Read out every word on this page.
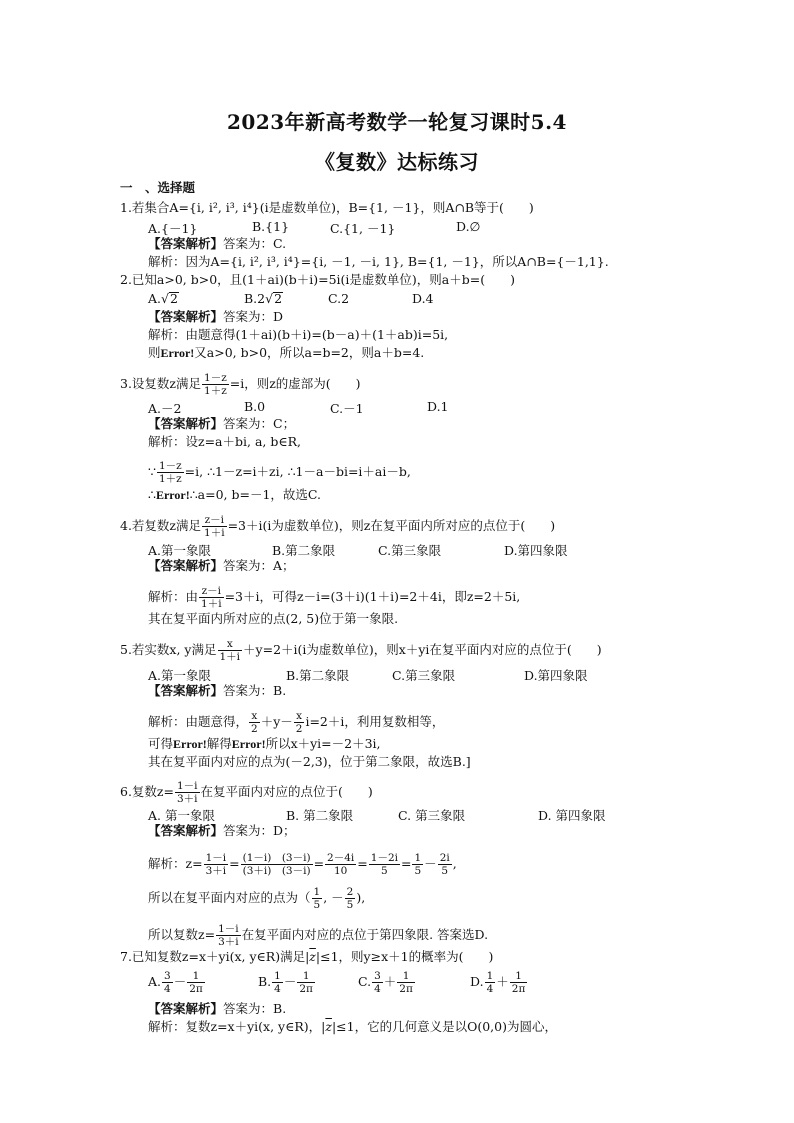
2023年新高考数学一轮复习课时5.4
《复数》达标练习
一　、选择题
1.若集合A={i, i², i³, i⁴}(i是虚数单位)，B={1, －1}，则A∩B等于(　　)
A.{－1}	B.{1}	C.{1, －1}	D.∅
【答案解析】答案为：C.
解析：因为A={i, i², i³, i⁴}={i, －1, －i, 1}, B={1, －1}，所以A∩B={－1,1}.
2.已知a>0, b>0，且(1＋ai)(b＋i)=5i(i是虚数单位)，则a＋b=(　　)
A.√2	B.2√2	C.2	D.4
【答案解析】答案为：D
解析：由题意得(1＋ai)(b＋i)=(b－a)＋(1＋ab)i=5i,
则Error!又a>0, b>0，所以a=b=2，则a＋b=4.
3.设复数z满足 $\frac{1-z}{1+z} =i$，则z的虚部为(　　)
A.－2	B.0	C.－1	D.1
【答案解析】答案为：C；
解析：设z=a＋bi, a, b∈R,
∵ $\frac{1-z}{1+z} =i$, ∴1－z=i＋zi, ∴1－a－bi=i＋ai－b,
∴Error!∴a=0, b=－1，故选C.
4.若复数z满足 $\frac{z-i}{1+i} =3+i(i$为虚数单位)，则z在复平面内所对应的点位于(　　)
A.第一象限	B.第二象限	C.第三象限	D.第四象限
【答案解析】答案为：A；
解析：由 $\frac{z-i}{1+i} =3+i$，可得z－i=(3＋i)(1＋i)=2＋4i，即z=2＋5i,
其在复平面内所对应的点(2, 5)位于第一象限.
5.若实数x, y满足 $\frac{x}{1+i} +y=2+i(i$为虚数单位)，则x＋yi在复平面内对应的点位于(　　)
A.第一象限	B.第二象限	C.第三象限	D.第四象限
【答案解析】答案为：B.
解析：由题意得， $\frac{x}{2} +y- \frac{x}{2} i=2+i$，利用复数相等，
可得Error!解得Error!所以x＋yi=－2＋3i,
其在复平面内对应的点为(－2,3)，位于第二象限，故选B.]
6.复数$z= \frac{1-i}{3+i}$ 在复平面内对应的点位于(　　)
A. 第一象限	B. 第二象限	C. 第三象限	D. 第四象限
【答案解析】答案为：D；
解析：$z= \frac{1-i}{3+i} = \frac{(1-i) (3-i)}{(3+i) (3-i)} = \frac{2-4i}{10} = \frac{1-2i}{5} = \frac{1}{5} - \frac{2i}{5}$ ,
所以在复平面内对应的点为（ $\frac{1}{5}$ , － $\frac{2}{5}$ ),
所以复数$z= \frac{1-i}{3+i}$ 在复平面内对应的点位于第四象限. 答案选D.
7.已知复数z=x＋yi(x, y∈R)满足$|\overline{z}|\le 1$，则y≥x＋1的概率为(　　)
A. $\frac{3}{4} - \frac{1}{2\pi}$	B. $\frac{1}{4} - \frac{1}{2\pi}$	C. $\frac{3}{4} + \frac{1}{2\pi}$	D. $\frac{1}{4} + \frac{1}{2\pi}$
【答案解析】答案为：B.
解析：复数z=x＋yi(x, y∈R)，$|\overline{z}|\le 1$，它的几何意义是以O(0,0)为圆心，
